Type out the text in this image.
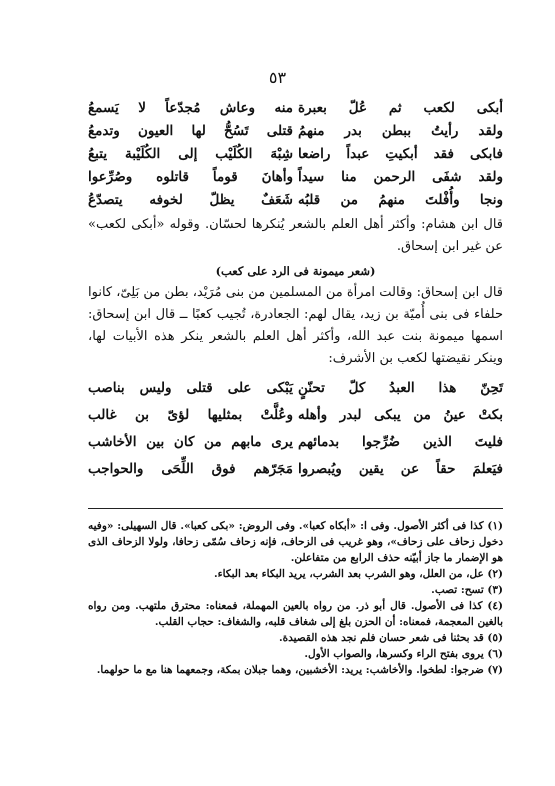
٥٣
أبكى لكعب ثم عُلّ بعبرة
منه وعاش مُجدّعاً لا يَسمعُ
ولقد رأيتُ ببطن بدر منهمُ
قتلى تَسُحُّ لها العيون وتدمعُ
فابكى فقد أبكيتِ عبداً راضعا
شِبْهَ الكُلَيْب إلى الكُلَيْبة يتبعُ
ولقد شفَى الرحمن منا سيداً
وأهانَ قوماً قاتلوه وصُرِّعوا
ونجا وأُفْلتَ منهمُ من قلبُه
شَعَفٌ يظلّ لخوفه يتصدّعُ
قال ابن هشام: وأكثر أهل العلم بالشعر يُنكرها لحسّان. وقوله «أبكى لكعب» عن غير ابن إسحاق.
(شعر ميمونة فى الرد على كعب)
قال ابن إسحاق: وقالت امرأة من المسلمين من بنى مُرَيْد، بطن من بَلِىّ، كانوا حلفاء فى بنى أُميّة بن زيد، يقال لهم: الجعادرة، تُجيب كعبًا ــ قال ابن إسحاق: اسمها ميمونة بنت عبد الله، وأكثر أهل العلم بالشعر ينكر هذه الأبيات لها، وينكر نقيضتها لكعب بن الأشرف:
تَحِنّ هذا العبدُ كلّ تحنّنٍ
يَبْكى على قتلى وليس بناصب
بكتْ عينُ من يبكى لبدر وأهله
وعُلَّتْ بمثليها لؤىّ بن غالب
فليتَ الذين ضُرِّجوا بدمائهم
يرى مابهم من كان بين الأخاشب
فيَعلمَ حقاً عن يقين ويُبصروا
مَجَرّهم فوق اللِّحَى والحواجب
(١) كذا فى أكثر الأصول. وفى ا: «أبكاه كعبا». وفى الروض: «بكى كعبا». قال السهيلى: «وفيه دخول زحاف على زحاف»، وهو غريب فى الزحاف، فإنه زحاف سُمّى زحافا، ولولا الزحاف الذى هو الإضمار ما جاز أبيّنه حذف الرابع من متفاعلن.
(٢) عل، من العلل، وهو الشرب بعد الشرب، يريد البكاء بعد البكاء.
(٣) تسح: تصب.
(٤) كذا فى الأصول. قال أبو ذر. من رواه بالعين المهملة، فمعناه: محترق ملتهب. ومن رواه بالغين المعجمة، فمعناه: أن الحزن بلغ إلى شغاف قلبه، والشغاف: حجاب القلب.
(٥) قد بحثنا فى شعر حسان فلم نجد هذه القصيدة.
(٦) يروى بفتح الراء وكسرها، والصواب الأول.
(٧) ضرجوا: لطخوا. والأخاشب: يريد: الأخشبين، وهما جبلان بمكة، وجمعهما هنا مع ما حولهما.
